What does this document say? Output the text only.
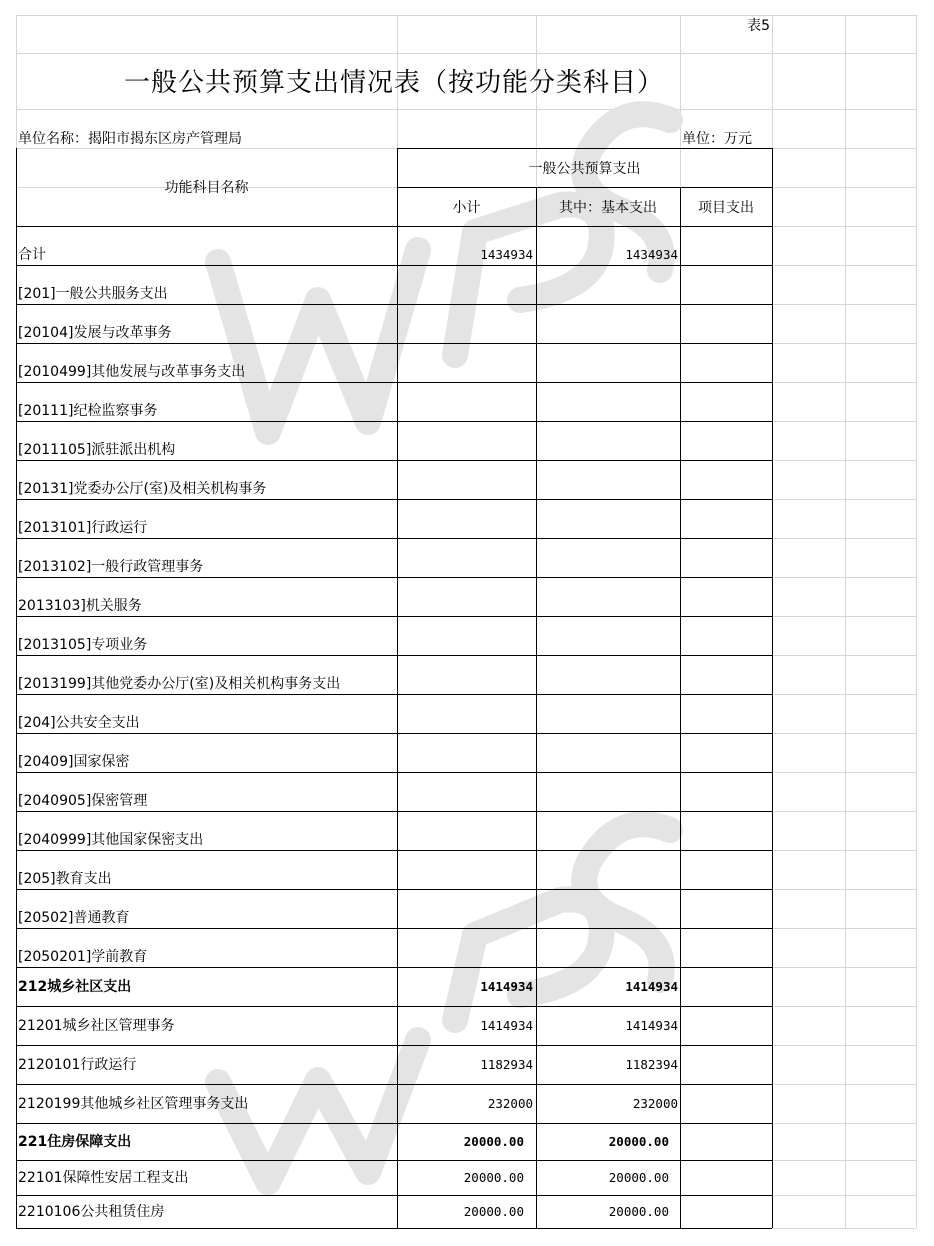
表5
一般公共预算支出情况表（按功能分类科目）
单位名称：揭阳市揭东区房产管理局	单位：万元
功能科目名称
一般公共预算支出
小计	其中：基本支出	项目支出
合计	1434934	1434934
[201]一般公共服务支出
[20104]发展与改革事务
[2010499]其他发展与改革事务支出
[20111]纪检监察事务
[2011105]派驻派出机构
[20131]党委办公厅(室)及相关机构事务
[2013101]行政运行
[2013102]一般行政管理事务
2013103]机关服务
[2013105]专项业务
[2013199]其他党委办公厅(室)及相关机构事务支出
[204]公共安全支出
[20409]国家保密
[2040905]保密管理
[2040999]其他国家保密支出
[205]教育支出
[20502]普通教育
[2050201]学前教育
212城乡社区支出	1414934	1414934
21201城乡社区管理事务	1414934	1414934
2120101行政运行	1182934	1182394
2120199其他城乡社区管理事务支出	232000	232000
221住房保障支出	20000.00	20000.00
22101保障性安居工程支出	20000.00	20000.00
2210106公共租赁住房	20000.00	20000.00
